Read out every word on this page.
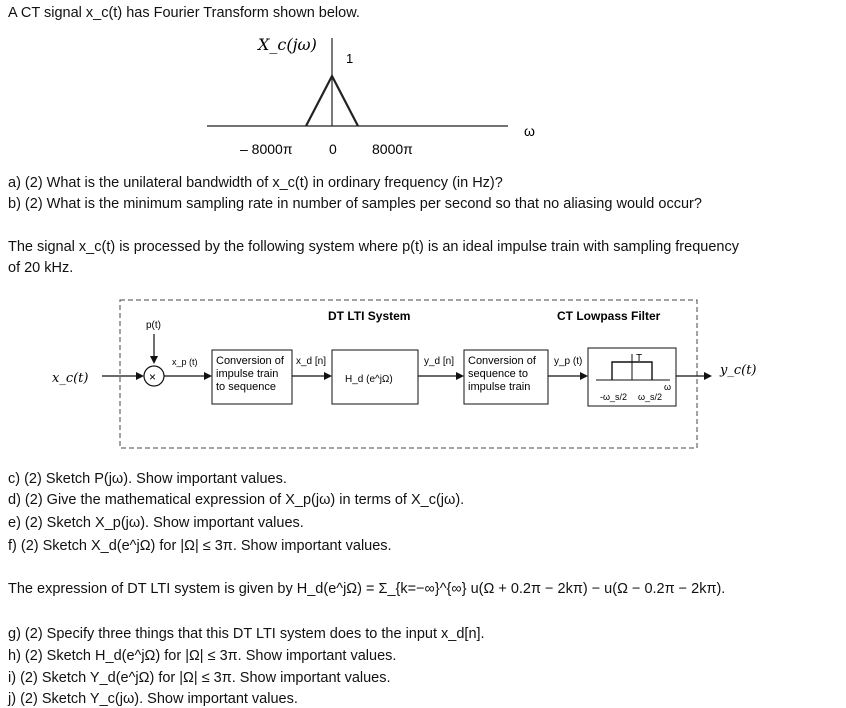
A CT signal x_c(t) has Fourier Transform shown below.
X_c(jω)
1
ω
– 8000π	0	8000π
a) (2) What is the unilateral bandwidth of x_c(t) in ordinary frequency (in Hz)?
b) (2) What is the minimum sampling rate in number of samples per second so that no aliasing would occur?
The signal x_c(t) is processed by the following system where p(t) is an ideal impulse train with sampling frequency
of 20 kHz.
DT LTI System	CT Lowpass Filter
p(t)
x_c(t)	×
x_p (t) Conversion of
impulse train
to sequence
x_d [n]
H_d (e^jΩ)
y_d [n] Conversion of
sequence to
impulse train
y_p (t)	T
-ω_s/2 ω_s/2
ω
y_c(t)
c) (2) Sketch P(jω). Show important values.
d) (2) Give the mathematical expression of X_p(jω) in terms of X_c(jω).
e) (2) Sketch X_p(jω). Show important values.
f) (2) Sketch X_d(e^jΩ) for |Ω| ≤ 3π. Show important values.
The expression of DT LTI system is given by H_d(e^jΩ) = Σ_{k=−∞}^{∞} u(Ω + 0.2π − 2kπ) − u(Ω − 0.2π − 2kπ).
g) (2) Specify three things that this DT LTI system does to the input x_d[n].
h) (2) Sketch H_d(e^jΩ) for |Ω| ≤ 3π. Show important values.
i) (2) Sketch Y_d(e^jΩ) for |Ω| ≤ 3π. Show important values.
j) (2) Sketch Y_c(jω). Show important values.
